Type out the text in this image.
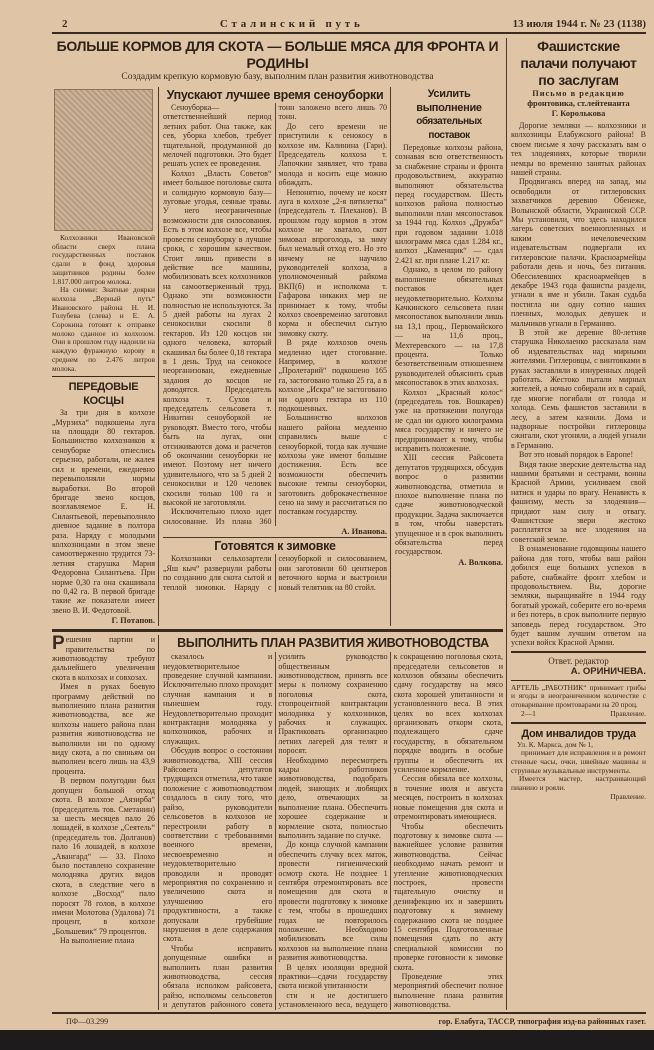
2	С т а л и н с к и й   п у т ь	13 июля 1944 г. № 23 (1138)
БОЛЬШЕ КОРМОВ ДЛЯ СКОТА — БОЛЬШЕ МЯСА ДЛЯ ФРОНТА И РОДИНЫ
Создадим крепкую кормовую базу, выполним план развития животноводства
Колхозники Ивановской области сверх плана государственных поставок сдали в фонд здоровья защитников родины более 1.817.000 литров молока.
На снимке: Знатные доярки колхоза „Верный путь“ Ивановского района Н. И. Голубева (слева) и Е. А. Сорокина готовят к отправке молоко сданное из колхозом. Они в прошлом году надоили на каждую фуражную корову в среднем по 2.476 литров молока.
ПЕРЕДОВЫЕ КОСЦЫ

За три дня в колхозе „Мурзиха“ подкошены луга на площади 80 гектаров. Большинство колхозников к сеноуборке отнеслись серьезно, работали, не жалея сил и времени, ежедневно перевыполняли нормы выработки. Во второй бригаде звено косцов, возглавляемое Е. Н. Силантьевой, перевыполняло дневное задание в полтора раза. Наряду с молодыми колхозницами в этом звене самоотверженно трудится 73-летняя старушка Мария Федоровна Силантьева. При норме 0,30 га она скашивала по 0,42 га. В первой бригаде такие же показатели имеет звено В. И. Федотовой.

Г. Потапов.
Упускают лучшее время сеноуборки

Сеноуборка—ответственнейший период летних работ. Она также, как сев, уборка хлебов, требует тщательной, продуманной до мелочей подготовки. Это будет решать успех ее проведения.

Колхоз „Власть Советов“ имеет большое поголовье скота и солидную кормовую базу—луговые угодья, сеяные травы. У него неограниченные возможности для силосования. Есть в этом колхозе все, чтобы провести сеноуборку в лучшие сроки, с хорошим качеством. Стоит лишь привести в действие все машины, мобилизовать всех колхозников на самоотверженный труд. Однако эти возможности полностью не используются. За 5 дней работы на лугах 2 сенокосилки скосили 8 гектаров. Из 120 косцов ни одного человека, который скашивал бы более 0,18 гектара в 1 день. Труд на сенокосе неорганизован, ежедневные задания до косцов не доводятся. Председатель колхоза т. Сухов и председатель сельсовета т. Никитин сеноуборкой не руководят. Вместо того, чтобы быть на лугах, они отсиживаются дома и расчетов об окончании сеноуборки не имеют. Поэтому нет ничего удивительного, что за 5 дней 2 сенокосилки и 120 человек скосили только 100 га и высокой не заготовляли.

Исключительно плохо идет силосование. Из плана 360 тонн заложено всего лишь 70 тонн.

До сего времени не приступили к сенокосу в колхозе им. Калинина (Гари). Председатель колхоза т. Лапочкин заявляет, что трава молода и косить еще можно обождать.

Непонятно, почему не косят луга в колхозе „2-я пятилетка“ (председатель т. Плеханов). В прошлом году кормов в этом колхозе не хватало, скот зимовал впроголодь, за зиму был немалый отход его. Но это ничему не научило руководителей колхоза, а уполномоченный райкома ВКП(б) и исполкома т. Гафарова никаких мер не принимает к тому, чтобы колхоз своевременно заготовил корма и обеспечил сытую зимовку скоту.

В ряде колхозов очень медленно идет стогование. Например, в колхозе „Пролетарий“ подкошено 165 га, застоговано только 25 га, а в колхозе „Искра“ не застоговано ни одного гектара из 110 подкошенных.

Большинство колхозов нашего района медленно справились выше с сеноуборкой, тогда как лучшие колхозы уже имеют большие достижения. Есть все возможности обеспечить высокие темпы сеноуборки, заготовить доброкачественное сено на зиму и рассчитаться по поставкам государству.

А. Иванова.
Готовятся к зимовке

Колхозники сельхозартели „Яш кыч“ развернули работы по созданию для скота сытой и теплой зимовки. Наряду с сеноуборкой и силосованием, они заготовили 60 центнеров веточного корма и выстроили новый телятник на 80 стойл.

Усилить выполнение
обязательных поставок

Передовые колхозы района, сознавая всю ответственность за снабжение страны и фронта продовольствием, аккуратно выполняют обязательства перед государством. Шесть колхозов района полностью выполнили план мясопоставок за 1944 год. Колхоз „Дружба“ при годовом задании 1.018 килограмм мяса сдал 1.284 кг., колхоз „Каменщик“ — сдал 2.421 кг. при плане 1.217 кг.

Однако, в целом по району выполнение обязательных поставок идет неудовлетворительно. Колхозы Качкинского сельсовета план мясопоставок выполнили лишь на 13,1 проц., Первомайского — на 11,6 проц., Мехтеревского — на 17,8 процента. Только безответственным отношением руководителей объяснить срыв мясопоставок в этих колхозах.

Колхоз „Красный колос“ (председатель тов. Вошкарев) уже на протяжении полугода не сдал ни одного килограмма мяса государству и ничего не предпринимает к тому, чтобы исправить положение.

XIII сессия Райсовета депутатов трудящихся, обсудив вопрос о развитии животноводства, отметила и плохое выполнение плана по сдаче животноводческой продукции. Задача заключается в том, чтобы наверстать упущенное и в срок выполнить обязательства перед государством.

А. Волкова.
Р ешения партии и правительства по животноводству требуют дальнейшего увеличения скота в колхозах и совхозах.

Имея в руках боевую программу действий по выполнению плана развития животноводства, все же колхозы нашего района план развития животноводства не выполнили ни по одному виду скота, а по свиньям он выполнен всего лишь на 43,9 процента.

В первом полугодии был допущен большой отход скота. В колхозе „Аязирба“ (председатель тов. Сметанин) за шесть месяцев пало 26 лошадей, в колхозе „Сеятель“ (председатель тов. Долганов) пало 16 лошадей, в колхозе „Авангард“ — 33. Плохо было поставлено сохранение молодняка других видов скота, в следствие чего в колхозе „Восход“ пало поросят 78 голов, в колхозе имени Молотова (Удалова) 71 процент, в колхозе „Большевик“ 79 процентов.

На выполнение плана

ВЫПОЛНИТЬ ПЛАН РАЗВИТИЯ ЖИВОТНОВОДСТВА

сказалось и неудовлетворительное проведение случной кампании. Исключительно плохо проходит случная кампания и в нынешнем году. Неудовлетворительно проходит контрактация молодняка у колхозников, рабочих и служащих.

Обсудив вопрос о состоянии животноводства, XIII сессия Райсовета депутатов трудящихся отметила, что такое положение с животноводством создалось в силу того, что райзо, руководители сельсоветов в колхозов не перестроили работу в соответствии с требованиями военного времени, несвоевременно и неудовлетворительно проводили и проводят мероприятия по сохранению и увеличению скота и улучшению его продуктивности, а также допускали грубейшие нарушения в деле содержания скота.

Чтобы исправить допущенные ошибки и выполнить план развития животноводства, сессия обязала исполком райсовета, райзо, исполкомы сельсоветов и депутатов районного совета усилить руководство общественным животноводством, принять все меры к полному сохранению поголовья скота, стопроцентной контрактации молодняка у колхозников, рабочих и служащих. Практиковать организацию летних лагерей для телят и поросят.

Необходимо пересмотреть кадры работников животноводства, подобрать людей, знающих и любящих дело, отвечающих за выполнение плана. Обеспечить хорошее содержание и кормление скота, полностью выполнить задание по случке.

До конца случной кампании обеспечить случку всех маток, провести гигиенический осмотр скота. Не позднее 1 сентября отремонтировать все помещения для скота и провести подготовку к зимовке с тем, чтобы в прошедших годах не повторилось положение. Необходимо мобилизовать все силы колхозов на выполнение плана развития животноводства.

В целях изоляции вредной практики—сдачи государству скота низкой упитанности

сти и не достигшего установленного веса, ведущего к сокращению поголовья скота, председатели сельсоветов и колхозов обязаны обеспечить сдачу государству на мясо скота хорошей упитанности и установленного веса. В этих целях во всех колхозах организовать откорм скота, подлежащего сдаче государству, в обязательном порядке вводить в особые группы и обеспечить их усиленное кормление.

Сессия обязала все колхозы, в точение июля и августа месяцев, построить в колхозах новые помещения для скота и отремонтировать имеющиеся.

Чтобы обеспечить подготовку к зимовке скота — важнейшее условие развития животноводства. Сейчас необходимо начать ремонт и утепление животноводческих построек, провести тщательную очистку и дезинфекцию их и завершить подготовку к зимнему содержанию скота не позднее 15 сентября. Подготовленные помещения сдать по акту специальной комиссии по проверке готовности к зимовке скота.

Проведение этих мероприятий обеспечит полное выполнение плана развития животноводства.

Фашистские
палачи получают
по заслугам
Письмо в редакцию
фронтовика, ст.лейтенанта
Г. Королькова

Дорогие земляки — колхозники и колхозницы Елабужского района! В своем письме я хочу рассказать вам о тех злодеяниях, которые творили немцы во временно занятых районах нашей страны.

Продвигаясь вперед на запад, мы освободили от гитлеровских захватчиков деревню Обенеже, Волынской области, Украинской ССР. Мы установили, что здесь находился лагерь советских военнопленных и каким нечеловеческим издевательствам подвергали их гитлеровские палачи. Красноармейцы работали день и ночь, без питания. Обессилевших красноармейцев в декабре 1943 года фашисты раздели, угнали к яме и убили. Такая судьба постигла ни одну сотню наших пленных, молодых девушек и мальчиков угнали в Германию.

В этой же деревне 80-летняя старушка Николаенко рассказала нам об издевательствах над мирными жителями. Гитлеровцы, с винтовками в руках заставляли в изнуренных людей работать. Жестоко пытали мирных жителей, а ночью собирали их в сарай, где многие погибали от голода и холода. Семь фашистов заставили в лесу, а затем казнили. Дома и надворные постройки гитлеровцы сжигали, скот угоняли, а людей угнали в Германию.

Вот это новый порядок в Европе!

Видя такие зверские деятельства над нашими братьями и сестрами, воины Красной Армии, усиливаем свой натиск и удары по врагу. Ненависть к фашизму, месть за злодеяния— придают нам силу и отвагу. Фашистские звери жестоко расплатятся за все злодеяния на советской земле.

В ознаменование годовщины нашего района для того, чтобы ваш район добился еще больших успехов в работе, снабжайте фронт хлебом и продовольствием. Вы, дорогие земляки, выращивайте в 1944 году богатый урожай, соберите его во-время и без потерь, в срок выполните первую заповедь перед государством. Это будет вашим лучшим ответом на успехи войск Красной Армии.

Ответ. редактор
А. ОРИНИЧЕВА.
АРТЕЛЬ „РАБОТНИК“ принимает грибы и ягоды в неограниченном количестве с отоваривание промтоварами на 20 проц.
2—1	Правление.
Дом инвалидов труда
Ул. К. Маркса, дом № 1,
принимает для исправления и в ремонт стенные часы, очки, швейные машины и струнные музыкальные инструменты.
Имеется мастер, настраивающий пианино и рояли.
Правление.
ПФ—03.299	гор. Елабуга, ТАССР, типография изд-ва районных газет.
